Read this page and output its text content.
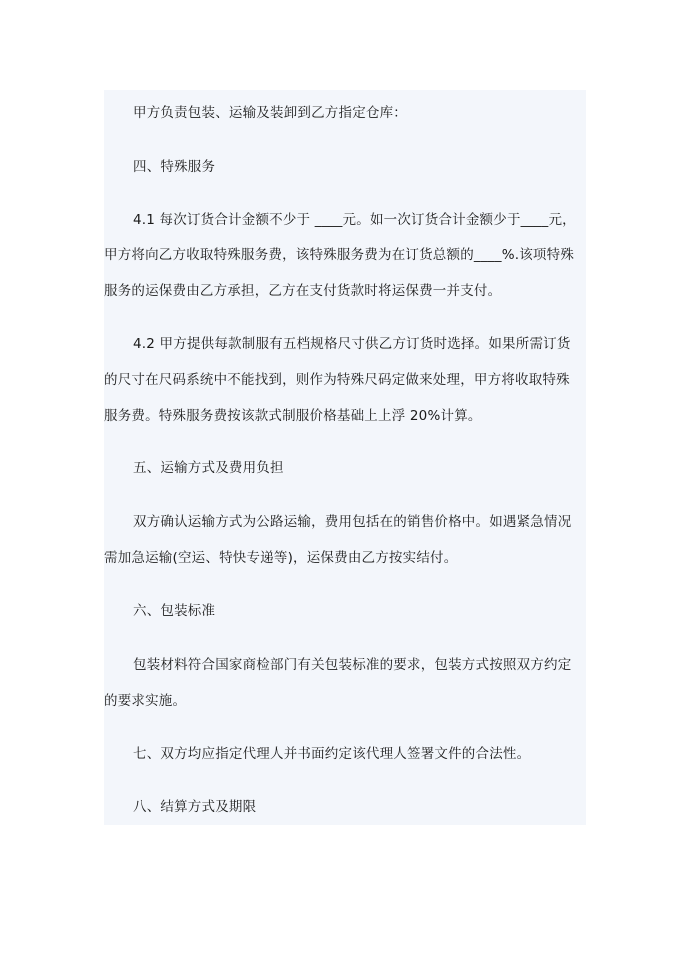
甲方负责包装、运输及装卸到乙方指定仓库：
四、特殊服务
4.1 每次订货合计金额不少于 ____元。如一次订货合计金额少于____元，
甲方将向乙方收取特殊服务费，该特殊服务费为在订货总额的____%.该项特殊
服务的运保费由乙方承担，乙方在支付货款时将运保费一并支付。
4.2 甲方提供每款制服有五档规格尺寸供乙方订货时选择。如果所需订货
的尺寸在尺码系统中不能找到，则作为特殊尺码定做来处理，甲方将收取特殊
服务费。特殊服务费按该款式制服价格基础上上浮 20%计算。
五、运输方式及费用负担
双方确认运输方式为公路运输，费用包括在的销售价格中。如遇紧急情况
需加急运输(空运、特快专递等)，运保费由乙方按实结付。
六、包装标准
包装材料符合国家商检部门有关包装标准的要求，包装方式按照双方约定
的要求实施。
七、双方均应指定代理人并书面约定该代理人签署文件的合法性。
八、结算方式及期限
